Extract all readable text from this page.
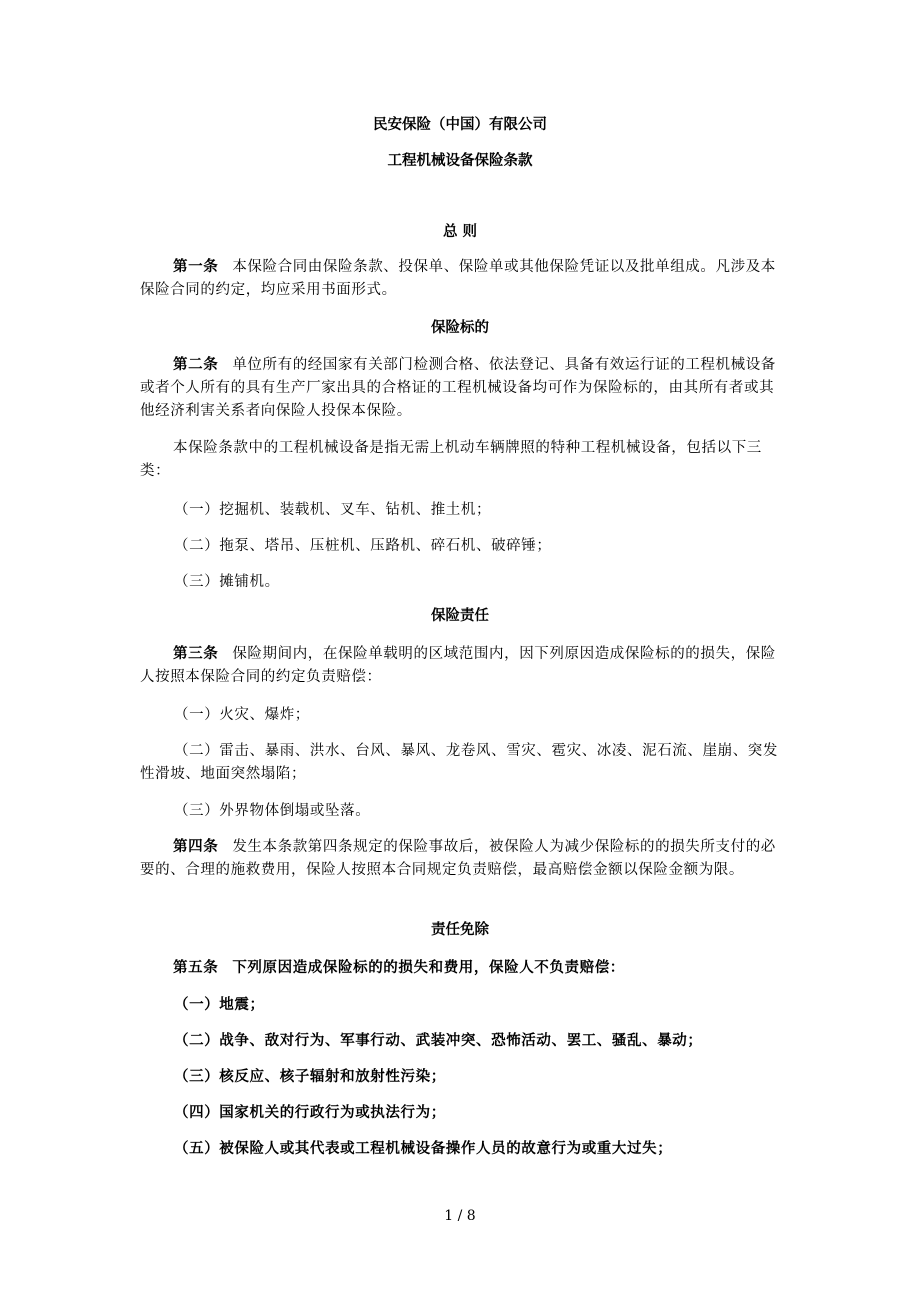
民安保险（中国）有限公司

工程机械设备保险条款

总 则

第一条 本保险合同由保险条款、投保单、保险单或其他保险凭证以及批单组成。凡涉及本保险合同的约定，均应采用书面形式。

保险标的

第二条 单位所有的经国家有关部门检测合格、依法登记、具备有效运行证的工程机械设备或者个人所有的具有生产厂家出具的合格证的工程机械设备均可作为保险标的，由其所有者或其他经济利害关系者向保险人投保本保险。

本保险条款中的工程机械设备是指无需上机动车辆牌照的特种工程机械设备，包括以下三类：

（一）挖掘机、装载机、叉车、钻机、推土机；

（二）拖泵、塔吊、压桩机、压路机、碎石机、破碎锤；

（三）摊铺机。

保险责任

第三条 保险期间内，在保险单载明的区域范围内，因下列原因造成保险标的的损失，保险人按照本保险合同的约定负责赔偿：

（一）火灾、爆炸；

（二）雷击、暴雨、洪水、台风、暴风、龙卷风、雪灾、雹灾、冰凌、泥石流、崖崩、突发性滑坡、地面突然塌陷；

（三）外界物体倒塌或坠落。

第四条 发生本条款第四条规定的保险事故后，被保险人为减少保险标的的损失所支付的必要的、合理的施救费用，保险人按照本合同规定负责赔偿，最高赔偿金额以保险金额为限。

责任免除

第五条 下列原因造成保险标的的损失和费用，保险人不负责赔偿：

（一）地震；

（二）战争、敌对行为、军事行动、武装冲突、恐怖活动、罢工、骚乱、暴动；

（三）核反应、核子辐射和放射性污染；

（四）国家机关的行政行为或执法行为；

（五）被保险人或其代表或工程机械设备操作人员的故意行为或重大过失；

1 / 8
